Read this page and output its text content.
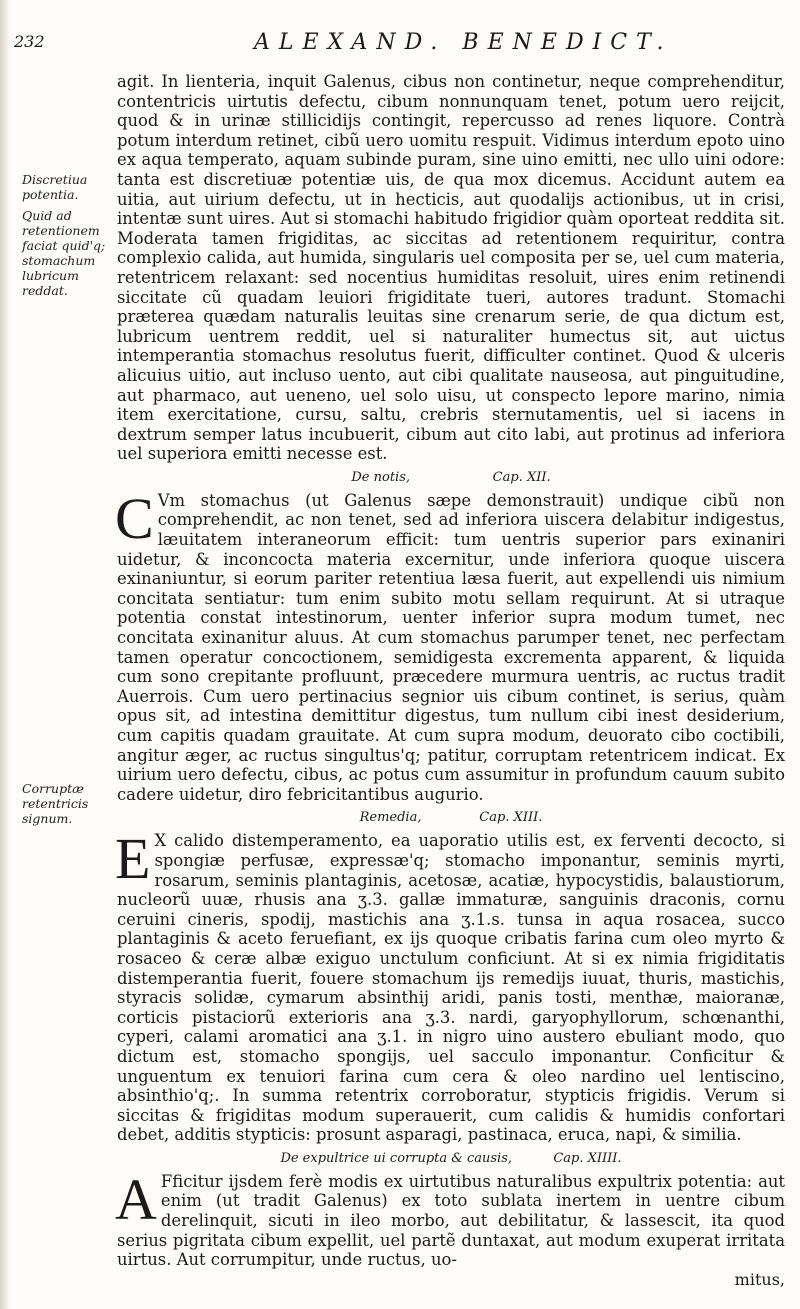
232	ALEXAND. BENEDICT.
Discretiua potentia.
Quid ad retentionem faciat quid'q; stomachum lubricum reddat.
Corruptæ retentricis signum.

agit. In lienteria, inquit Galenus, cibus non continetur, neque comprehenditur, contentricis uirtutis defectu, cibum nonnunquam tenet, potum uero reijcit, quod & in urinæ stillicidijs contingit, repercusso ad renes liquore. Contrà potum interdum retinet, cibũ uero uomitu respuit. Vidimus interdum epoto uino ex aqua temperato, aquam subinde puram, sine uino emitti, nec ullo uini odore: tanta est discretiuæ potentiæ uis, de qua mox dicemus. Accidunt autem ea uitia, aut uirium defectu, ut in hecticis, aut quodalijs actionibus, ut in crisi, intentæ sunt uires. Aut si stomachi habitudo frigidior quàm oporteat reddita sit. Moderata tamen frigiditas, ac siccitas ad retentionem requiritur, contra complexio calida, aut humida, singularis uel composita per se, uel cum materia, retentricem relaxant: sed nocentius humiditas resoluit, uires enim retinendi siccitate cũ quadam leuiori frigiditate tueri, autores tradunt. Stomachi præterea quædam naturalis leuitas sine crenarum serie, de qua dictum est, lubricum uentrem reddit, uel si naturaliter humectus sit, aut uictus intemperantia stomachus resolutus fuerit, difficulter continet. Quod & ulceris alicuius uitio, aut incluso uento, aut cibi qualitate nauseosa, aut pinguitudine, aut pharmaco, aut ueneno, uel solo uisu, ut conspecto lepore marino, nimia item exercitatione, cursu, saltu, crebris sternutamentis, uel si iacens in dextrum semper latus incubuerit, cibum aut cito labi, aut protinus ad inferiora uel superiora emitti necesse est.

De notis,                    Cap. XII.

C Vm stomachus (ut Galenus sæpe demonstrauit) undique cibũ non comprehendit, ac non tenet, sed ad inferiora uiscera delabitur indigestus, læuitatem interaneorum efficit: tum uentris superior pars exinaniri uidetur, & inconcocta materia excernitur, unde inferiora quoque uiscera exinaniuntur, si eorum pariter retentiua læsa fuerit, aut expellendi uis nimium concitata sentiatur: tum enim subito motu sellam requirunt. At si utraque potentia constat intestinorum, uenter inferior supra modum tumet, nec concitata exinanitur aluus. At cum stomachus parumper tenet, nec perfectam tamen operatur concoctionem, semidigesta excrementa apparent, & liquida cum sono crepitante profluunt, præcedere murmura uentris, ac ructus tradit Auerrois. Cum uero pertinacius segnior uis cibum continet, is serius, quàm opus sit, ad intestina demittitur digestus, tum nullum cibi inest desiderium, cum capitis quadam grauitate. At cum supra modum, deuorato cibo coctibili, angitur æger, ac ructus singultus'q; patitur, corruptam retentricem indicat. Ex uirium uero defectu, cibus, ac potus cum assumitur in profundum cauum subito cadere uidetur, diro febricitantibus augurio.

Remedia,              Cap. XIII.

E X calido distemperamento, ea uaporatio utilis est, ex ferventi decocto, si spongiæ perfusæ, expressæ'q; stomacho imponantur, seminis myrti, rosarum, seminis plantaginis, acetosæ, acatiæ, hypocystidis, balaustiorum, nucleorũ uuæ, rhusis ana ʒ.3. gallæ immaturæ, sanguinis draconis, cornu ceruini cineris, spodij, mastichis ana ʒ.1.s. tunsa in aqua rosacea, succo plantaginis & aceto feruefiant, ex ijs quoque cribatis farina cum oleo myrto & rosaceo & ceræ albæ exiguo unctulum conficiunt. At si ex nimia frigiditatis distemperantia fuerit, fouere stomachum ijs remedijs iuuat, thuris, mastichis, styracis solidæ, cymarum absinthij aridi, panis tosti, menthæ, maioranæ, corticis pistaciorũ exterioris ana ʒ.3. nardi, garyophyllorum, schœnanthi, cyperi, calami aromatici ana ʒ.1. in nigro uino austero ebuliant modo, quo dictum est, stomacho spongijs, uel sacculo imponantur. Conficitur & unguentum ex tenuiori farina cum cera & oleo nardino uel lentiscino, absinthio'q;. In summa retentrix corroboratur, stypticis frigidis. Verum si siccitas & frigiditas modum superauerit, cum calidis & humidis confortari debet, additis stypticis: prosunt asparagi, pastinaca, eruca, napi, & similia.

De expultrice ui corrupta & causis,          Cap. XIIII.

A Fficitur ijsdem ferè modis ex uirtutibus naturalibus expultrix potentia: aut enim (ut tradit Galenus) ex toto sublata inertem in uentre cibum derelinquit, sicuti in ileo morbo, aut debilitatur, & lassescit, ita quod serius pigritata cibum expellit, uel partẽ duntaxat, aut modum exuperat irritata uirtus. Aut corrumpitur, unde ructus, uo-

mitus,
